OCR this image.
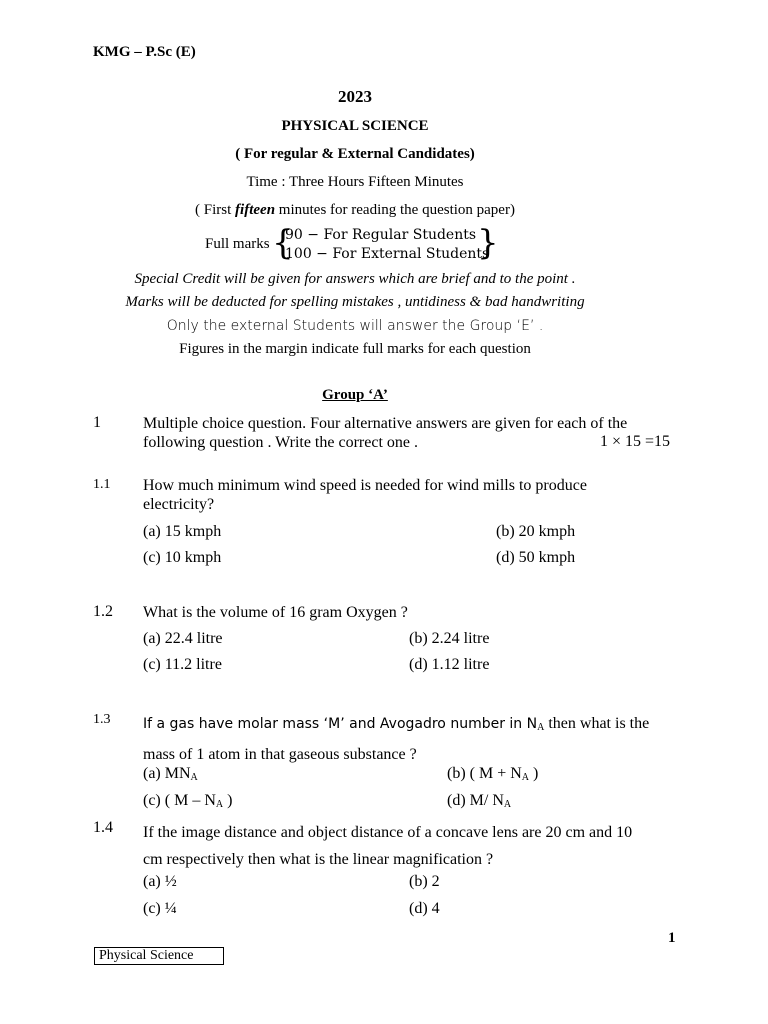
KMG – P.Sc (E)
2023
PHYSICAL SCIENCE
( For regular & External Candidates)
Time : Three Hours Fifteen Minutes
( First fifteen minutes for reading the question paper)
Full marks {
90 − For Regular Students
100 − For External Students
}
Special Credit will be given for answers which are brief and to the point .
Marks will be deducted for spelling mistakes , untidiness & bad handwriting
Only the external Students will answer the Group ‘E’ .
Figures in the margin indicate full marks for each question
Group ‘A’
1	Multiple choice question. Four alternative answers are given for each of the
following question . Write the correct one .	1 × 15 =15
1.1 How much minimum wind speed is needed for wind mills to produce
electricity?
(a) 15 kmph	(b) 20 kmph
(c) 10 kmph	(d) 50 kmph
1.2 What is the volume of 16 gram Oxygen ?
(a) 22.4 litre	(b) 2.24 litre
(c) 11.2 litre	(d) 1.12 litre
1.3 If a gas have molar mass ‘M’ and Avogadro number in $N_A$ then what is the
mass of 1 atom in that gaseous substance ?
(a) $MN_A$	(b) ( $M + N_A$ )
(c) ( M – $N_A$ )	(d) M/ $N_A$
1.4 If the image distance and object distance of a concave lens are 20 cm and 10
cm respectively then what is the linear magnification ?
(a) ½	(b) 2
(c) ¼	(d) 4
1
Physical Science
